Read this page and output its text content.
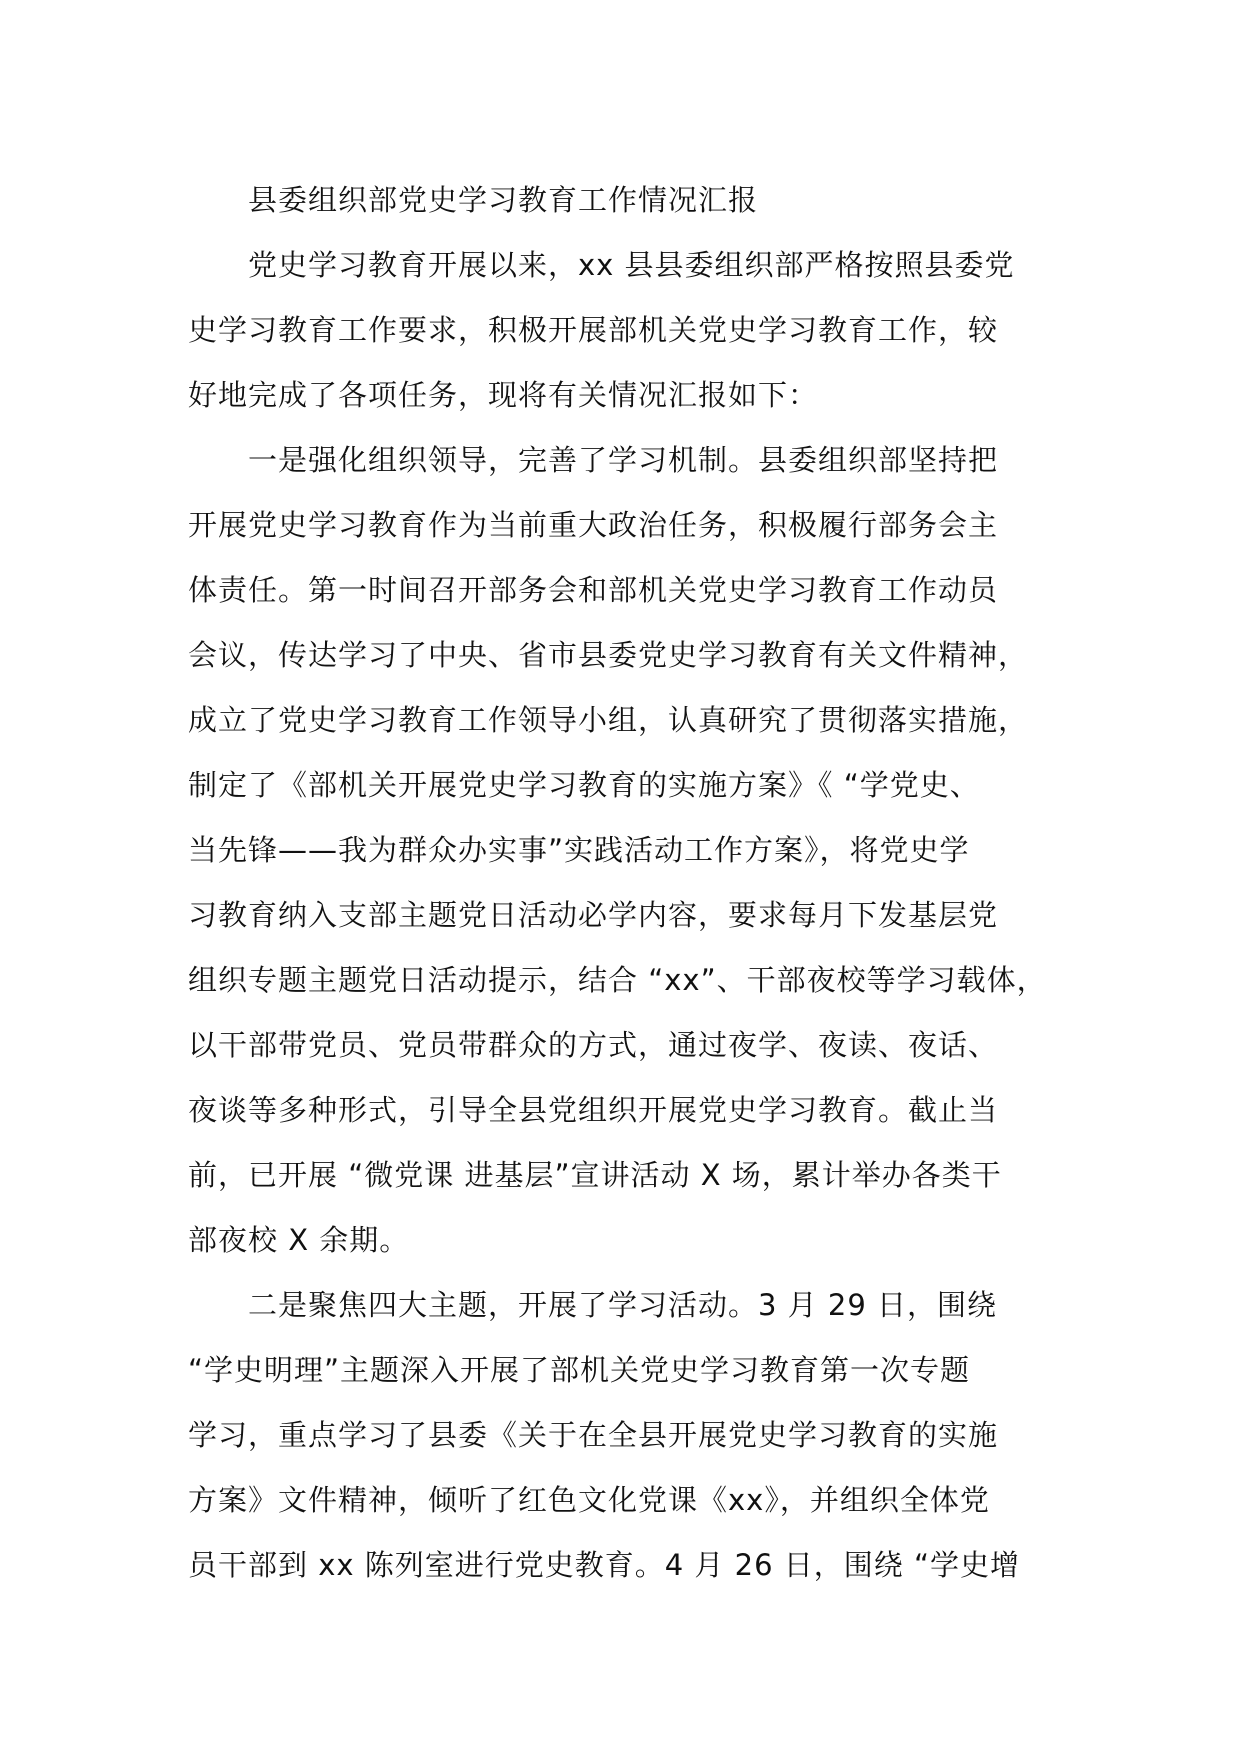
县委组织部党史学习教育工作情况汇报
党史学习教育开展以来，xx 县县委组织部严格按照县委党
史学习教育工作要求，积极开展部机关党史学习教育工作，较
好地完成了各项任务，现将有关情况汇报如下：
一是强化组织领导，完善了学习机制。县委组织部坚持把
开展党史学习教育作为当前重大政治任务，积极履行部务会主
体责任。第一时间召开部务会和部机关党史学习教育工作动员
会议，传达学习了中央、省市县委党史学习教育有关文件精神，
成立了党史学习教育工作领导小组，认真研究了贯彻落实措施，
制定了《部机关开展党史学习教育的实施方案》《 “学党史、
当先锋——我为群众办实事”实践活动工作方案》，将党史学
习教育纳入支部主题党日活动必学内容，要求每月下发基层党
组织专题主题党日活动提示，结合 “xx”、干部夜校等学习载体，
以干部带党员、党员带群众的方式，通过夜学、夜读、夜话、
夜谈等多种形式，引导全县党组织开展党史学习教育。截止当
前，已开展 “微党课 进基层”宣讲活动 X 场，累计举办各类干
部夜校 X 余期。
二是聚焦四大主题，开展了学习活动。3 月 29 日，围绕
“学史明理”主题深入开展了部机关党史学习教育第一次专题
学习，重点学习了县委《关于在全县开展党史学习教育的实施
方案》文件精神，倾听了红色文化党课《xx》，并组织全体党
员干部到 xx 陈列室进行党史教育。4 月 26 日，围绕 “学史增
